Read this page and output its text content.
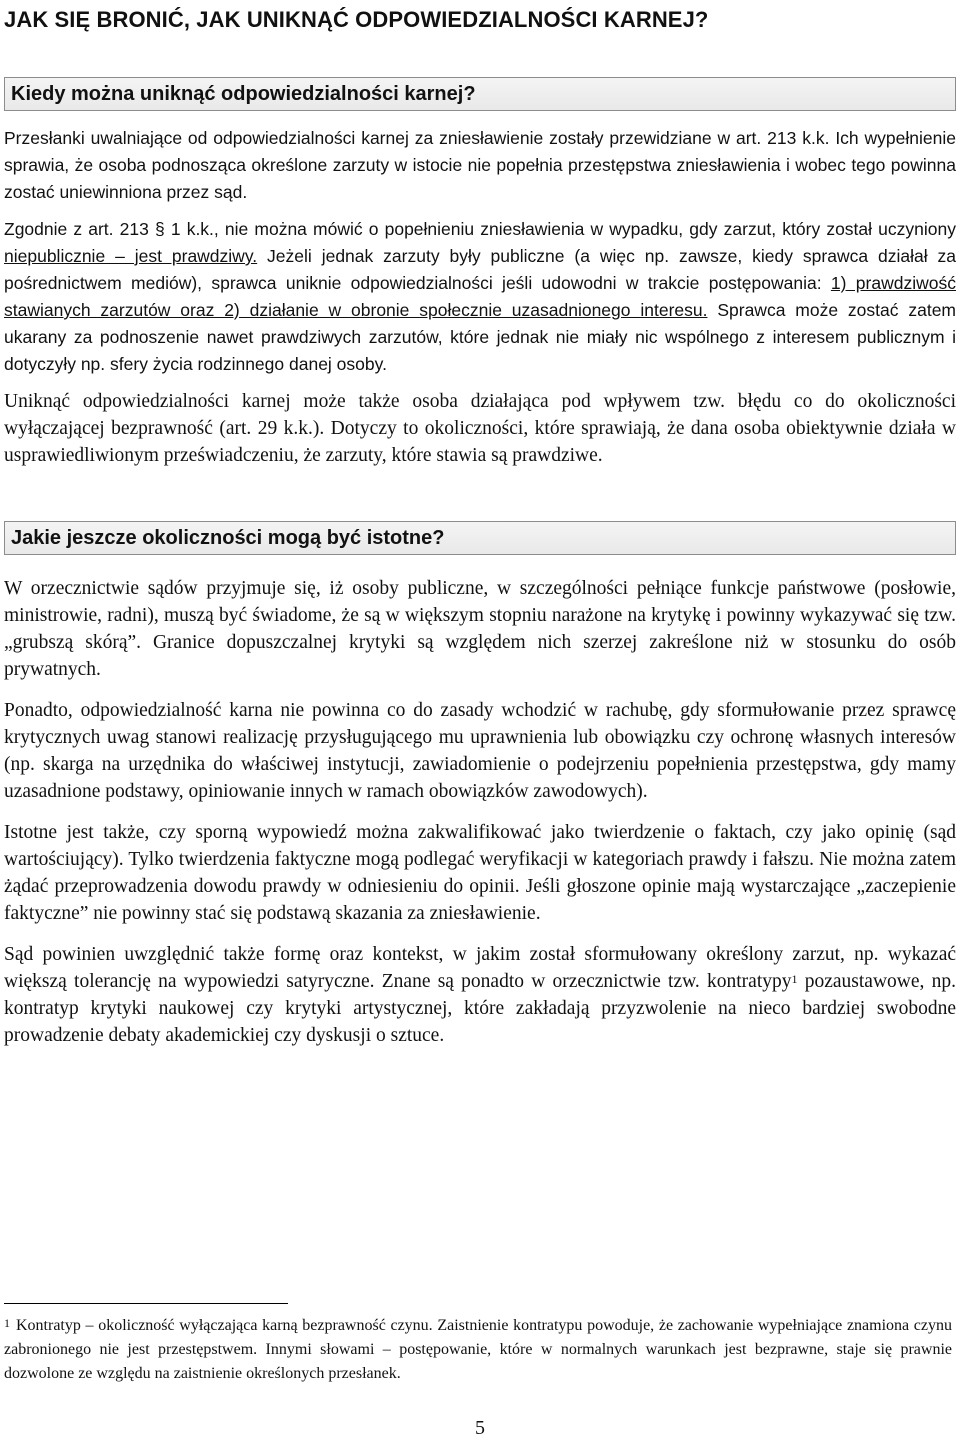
JAK SIĘ BRONIĆ, JAK UNIKNĄĆ ODPOWIEDZIALNOŚCI KARNEJ?
Kiedy można uniknąć odpowiedzialności karnej?

Przesłanki uwalniające od odpowiedzialności karnej za zniesławienie zostały przewidziane w art. 213 k.k. Ich wypełnienie sprawia, że osoba podnosząca określone zarzuty w istocie nie popełnia przestępstwa zniesławienia i wobec tego powinna zostać uniewinniona przez sąd.

Zgodnie z art. 213 § 1 k.k., nie można mówić o popełnieniu zniesławienia w wypadku, gdy zarzut, który został uczyniony niepublicznie – jest prawdziwy. Jeżeli jednak zarzuty były publiczne (a więc np. zawsze, kiedy sprawca działał za pośrednictwem mediów), sprawca uniknie odpowiedzialności jeśli udowodni w trakcie postępowania: 1) prawdziwość stawianych zarzutów oraz 2) działanie w obronie społecznie uzasadnionego interesu. Sprawca może zostać zatem ukarany za podnoszenie nawet prawdziwych zarzutów, które jednak nie miały nic wspólnego z interesem publicznym i dotyczyły np. sfery życia rodzinnego danej osoby.

Uniknąć odpowiedzialności karnej może także osoba działająca pod wpływem tzw. błędu co do okoliczności wyłączającej bezprawność (art. 29 k.k.). Dotyczy to okoliczności, które sprawiają, że dana osoba obiektywnie działa w usprawiedliwionym przeświadczeniu, że zarzuty, które stawia są prawdziwe.

Jakie jeszcze okoliczności mogą być istotne?

W orzecznictwie sądów przyjmuje się, iż osoby publiczne, w szczególności pełniące funkcje państwowe (posłowie, ministrowie, radni), muszą być świadome, że są w większym stopniu narażone na krytykę i powinny wykazywać się tzw. „grubszą skórą”. Granice dopuszczalnej krytyki są względem nich szerzej zakreślone niż w stosunku do osób prywatnych.

Ponadto, odpowiedzialność karna nie powinna co do zasady wchodzić w rachubę, gdy sformułowanie przez sprawcę krytycznych uwag stanowi realizację przysługującego mu uprawnienia lub obowiązku czy ochronę własnych interesów (np. skarga na urzędnika do właściwej instytucji, zawiadomienie o podejrzeniu popełnienia przestępstwa, gdy mamy uzasadnione podstawy, opiniowanie innych w ramach obowiązków zawodowych).

Istotne jest także, czy sporną wypowiedź można zakwalifikować jako twierdzenie o faktach, czy jako opinię (sąd wartościujący). Tylko twierdzenia faktyczne mogą podlegać weryfikacji w kategoriach prawdy i fałszu. Nie można zatem żądać przeprowadzenia dowodu prawdy w odniesieniu do opinii. Jeśli głoszone opinie mają wystarczające „zaczepienie faktyczne” nie powinny stać się podstawą skazania za zniesławienie.

Sąd powinien uwzględnić także formę oraz kontekst, w jakim został sformułowany określony zarzut, np. wykazać większą tolerancję na wypowiedzi satyryczne. Znane są ponadto w orzecznictwie tzw. kontratypy$^1$ pozaustawowe, np. kontratyp krytyki naukowej czy krytyki artystycznej, które zakładają przyzwolenie na nieco bardziej swobodne prowadzenie debaty akademickiej czy dyskusji o sztuce.

$^1$ Kontratyp – okoliczność wyłączająca karną bezprawność czynu. Zaistnienie kontratypu powoduje, że zachowanie wypełniające znamiona czynu zabronionego nie jest przestępstwem. Innymi słowami – postępowanie, które w normalnych warunkach jest bezprawne, staje się prawnie dozwolone ze względu na zaistnienie określonych przesłanek.
5
